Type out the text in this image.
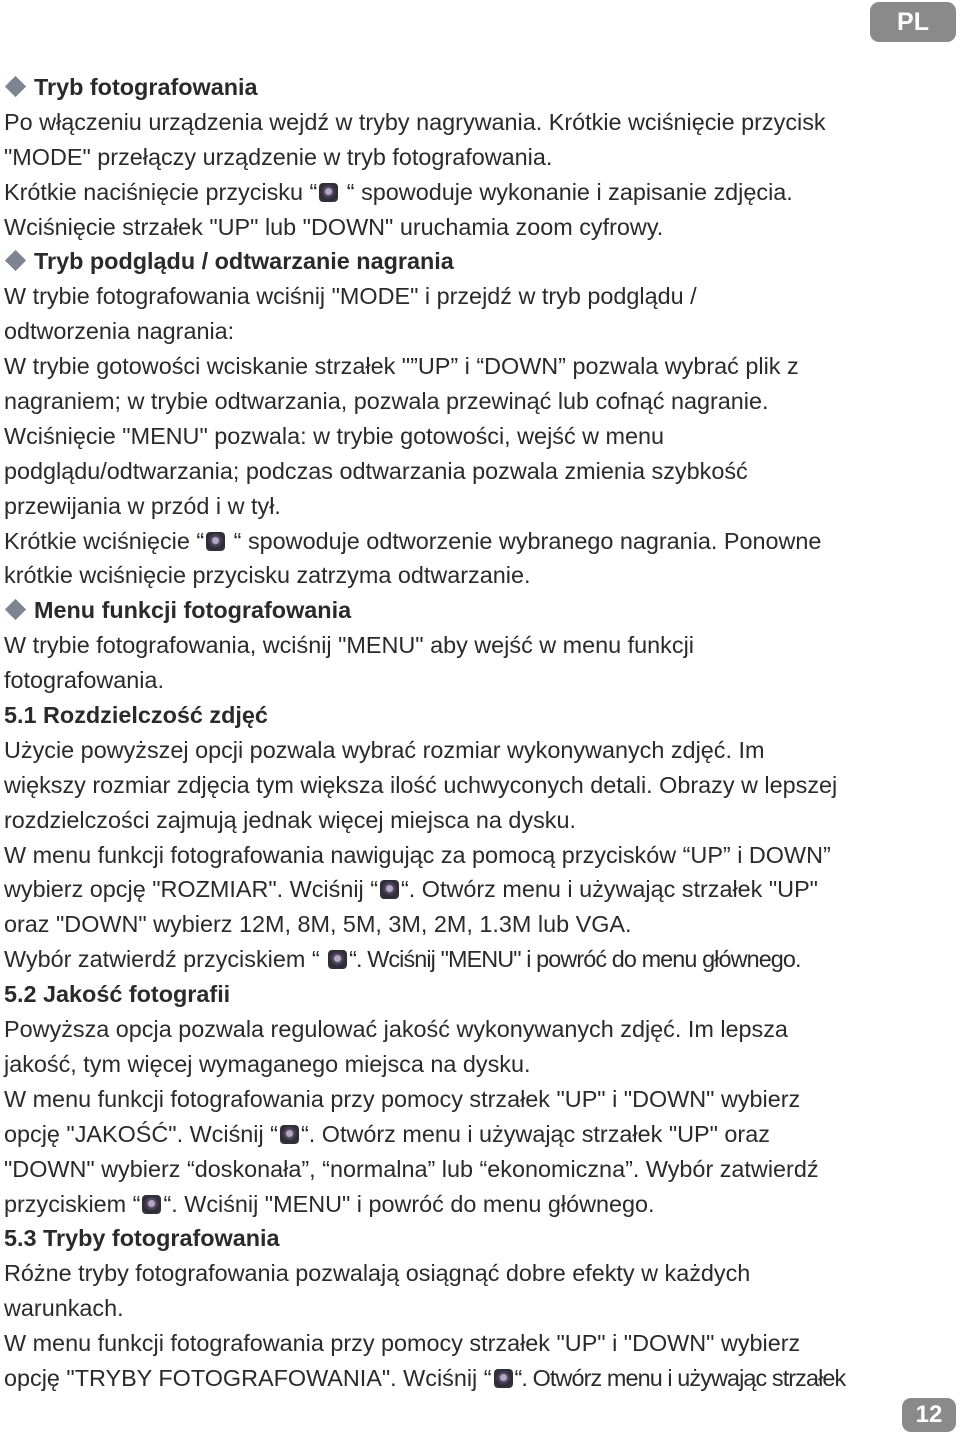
PL
Tryb fotografowania
Po włączeniu urządzenia wejdź w tryby nagrywania. Krótkie wciśnięcie przycisk
"MODE" przełączy urządzenie w tryb fotografowania.
Krótkie naciśnięcie przycisku “ “ spowoduje wykonanie i zapisanie zdjęcia.
Wciśnięcie strzałek "UP" lub "DOWN" uruchamia zoom cyfrowy.
Tryb podglądu / odtwarzanie nagrania
W trybie fotografowania wciśnij "MODE" i przejdź w tryb podglądu /
odtworzenia nagrania:
W trybie gotowości wciskanie strzałek "”UP” i “DOWN” pozwala wybrać plik z
nagraniem; w trybie odtwarzania, pozwala przewinąć lub cofnąć nagranie.
Wciśnięcie "MENU" pozwala: w trybie gotowości, wejść w menu
podglądu/odtwarzania; podczas odtwarzania pozwala zmienia szybkość
przewijania w przód i w tył.
Krótkie wciśnięcie “ “ spowoduje odtworzenie wybranego nagrania. Ponowne
krótkie wciśnięcie przycisku zatrzyma odtwarzanie.
Menu funkcji fotografowania
W trybie fotografowania, wciśnij "MENU" aby wejść w menu funkcji
fotografowania.
5.1 Rozdzielczość zdjęć
Użycie powyższej opcji pozwala wybrać rozmiar wykonywanych zdjęć. Im
większy rozmiar zdjęcia tym większa ilość uchwyconych detali. Obrazy w lepszej
rozdzielczości zajmują jednak więcej miejsca na dysku.
W menu funkcji fotografowania nawigując za pomocą przycisków “UP” i DOWN”
wybierz opcję "ROZMIAR". Wciśnij “ “. Otwórz menu i używając strzałek "UP"
oraz "DOWN" wybierz 12M, 8M, 5M, 3M, 2M, 1.3M lub VGA.
Wybór zatwierdź przyciskiem “ “. Wciśnij "MENU" i powróć do menu głównego.
5.2 Jakość fotografii
Powyższa opcja pozwala regulować jakość wykonywanych zdjęć. Im lepsza
jakość, tym więcej wymaganego miejsca na dysku.
W menu funkcji fotografowania przy pomocy strzałek "UP" i "DOWN" wybierz
opcję "JAKOŚĆ". Wciśnij “ “. Otwórz menu i używając strzałek "UP" oraz
"DOWN" wybierz “doskonała”, “normalna” lub “ekonomiczna”. Wybór zatwierdź
przyciskiem “ “. Wciśnij "MENU" i powróć do menu głównego.
5.3 Tryby fotografowania
Różne tryby fotografowania pozwalają osiągnąć dobre efekty w każdych
warunkach.
W menu funkcji fotografowania przy pomocy strzałek "UP" i "DOWN" wybierz
opcję "TRYBY FOTOGRAFOWANIA". Wciśnij “ “. Otwórz menu i używając strzałek
12
